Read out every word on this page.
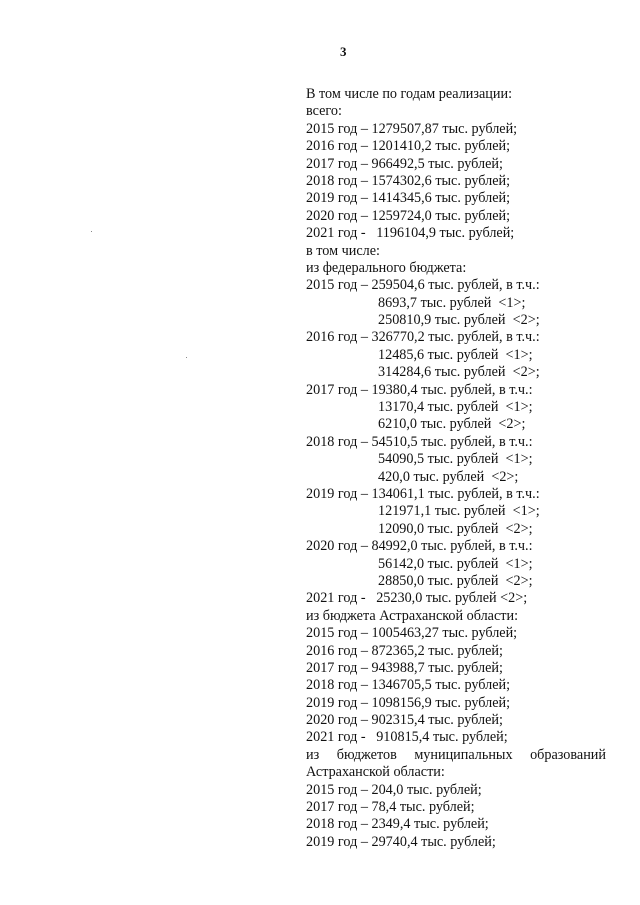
3
В том числе по годам реализации:
всего:
2015 год – 1279507,87 тыс. рублей;
2016 год – 1201410,2 тыс. рублей;
2017 год – 966492,5 тыс. рублей;
2018 год – 1574302,6 тыс. рублей;
2019 год – 1414345,6 тыс. рублей;
2020 год – 1259724,0 тыс. рублей;
2021 год -   1196104,9 тыс. рублей;
в том числе:
из федерального бюджета:
2015 год – 259504,6 тыс. рублей, в т.ч.:
8693,7 тыс. рублей  <1>;
250810,9 тыс. рублей  <2>;
2016 год – 326770,2 тыс. рублей, в т.ч.:
12485,6 тыс. рублей  <1>;
314284,6 тыс. рублей  <2>;
2017 год – 19380,4 тыс. рублей, в т.ч.:
13170,4 тыс. рублей  <1>;
6210,0 тыс. рублей  <2>;
2018 год – 54510,5 тыс. рублей, в т.ч.:
54090,5 тыс. рублей  <1>;
420,0 тыс. рублей  <2>;
2019 год – 134061,1 тыс. рублей, в т.ч.:
121971,1 тыс. рублей  <1>;
12090,0 тыс. рублей  <2>;
2020 год – 84992,0 тыс. рублей, в т.ч.:
56142,0 тыс. рублей  <1>;
28850,0 тыс. рублей  <2>;
2021 год -   25230,0 тыс. рублей <2>;
из бюджета Астраханской области:
2015 год – 1005463,27 тыс. рублей;
2016 год – 872365,2 тыс. рублей;
2017 год – 943988,7 тыс. рублей;
2018 год – 1346705,5 тыс. рублей;
2019 год – 1098156,9 тыс. рублей;
2020 год – 902315,4 тыс. рублей;
2021 год -   910815,4 тыс. рублей;
из бюджетов муниципальных образований
Астраханской области:
2015 год – 204,0 тыс. рублей;
2017 год – 78,4 тыс. рублей;
2018 год – 2349,4 тыс. рублей;
2019 год – 29740,4 тыс. рублей;
